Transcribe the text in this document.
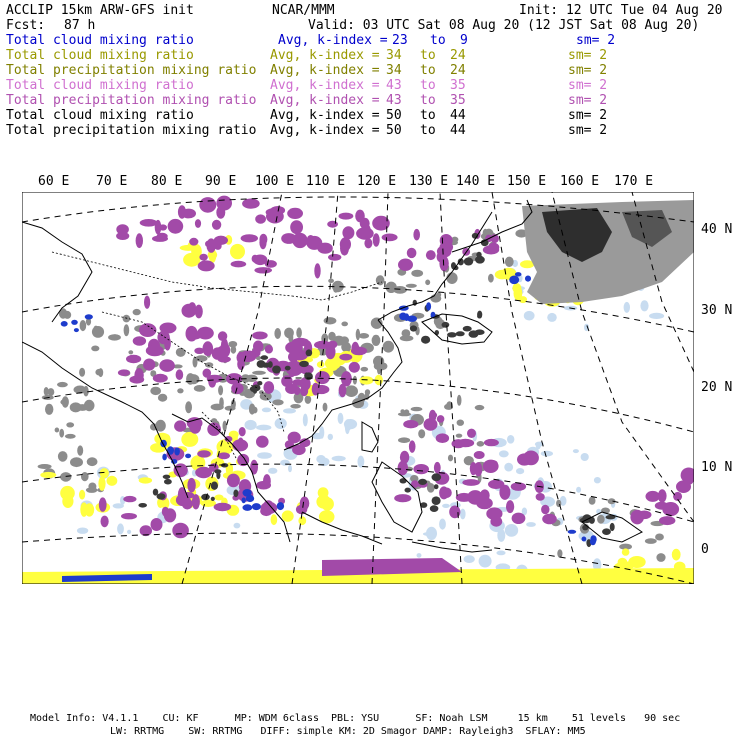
ACCLIP 15km ARW-GFS init	NCAR/MMM	Init: 12 UTC Tue 04 Aug 20
Fcst: 87 h	Valid: 03 UTC Sat 08 Aug 20 (12 JST Sat 08 Aug 20)
Total cloud mixing ratio	Avg, k-index = 23 to 9	sm= 2
Total cloud mixing ratio	Avg, k-index = 34 to 24	sm= 2
Total precipitation mixing ratio Avg, k-index = 34 to 24	sm= 2
Total cloud mixing ratio	Avg, k-index = 43 to 35	sm= 2
Total precipitation mixing ratio Avg, k-index = 43 to 35	sm= 2
Total cloud mixing ratio	Avg, k-index = 50 to 44	sm= 2
Total precipitation mixing ratio Avg, k-index = 50 to 44	sm= 2
60 E 70 E 80 E 90 E 100 E 110 E 120 E 130 E 140 E 150 E 160 E 170 E
40 N
30 N
20 N
10 N
0
Model Info: V4.1.1    CU: KF      MP: WDM 6class  PBL: YSU      SF: Noah LSM     15 km    51 levels   90 sec
LW: RRTMG    SW: RRTMG   DIFF: simple KM: 2D Smagor DAMP: Rayleigh3  SFLAY: MM5
